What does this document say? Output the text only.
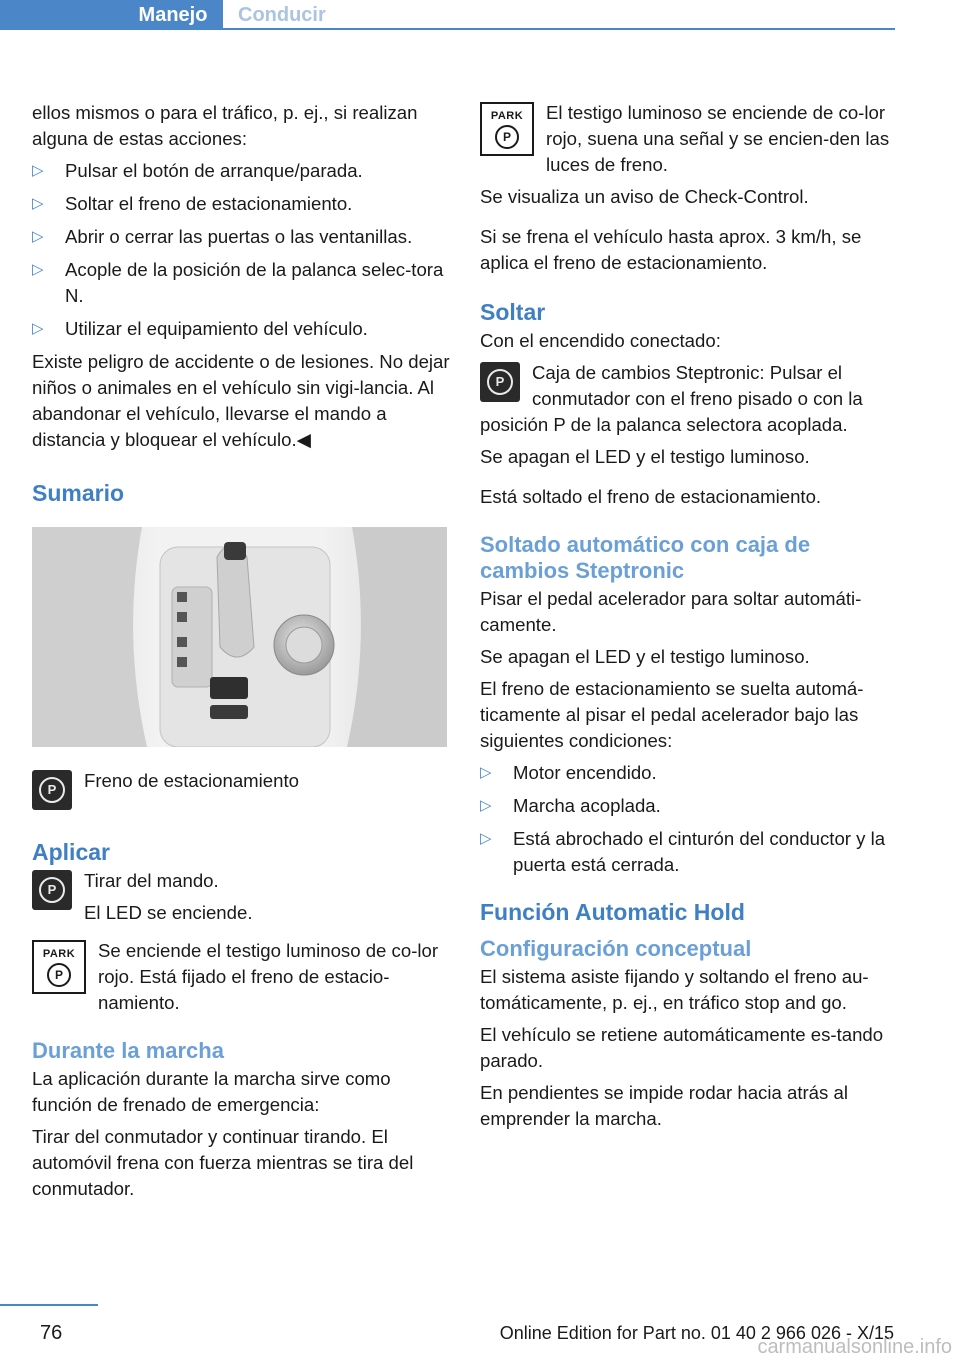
Manejo	Conducir

ellos mismos o para el tráfico, p. ej., si realizan alguna de estas acciones:

▷ Pulsar el botón de arranque/parada.
▷ Soltar el freno de estacionamiento.
▷ Abrir o cerrar las puertas o las ventanillas.
▷ Acople de la posición de la palanca selec‐tora N.
▷ Utilizar el equipamiento del vehículo.

Existe peligro de accidente o de lesiones. No dejar niños o animales en el vehículo sin vigi‐lancia. Al abandonar el vehículo, llevarse el mando a distancia y bloquear el vehículo.◀

Sumario
P	Freno de estacionamiento
Aplicar
P	Tirar del mando.

El LED se enciende.

PARK
P
Se enciende el testigo luminoso de co‐lor rojo. Está fijado el freno de estacio‐namiento.
Durante la marcha

La aplicación durante la marcha sirve como función de frenado de emergencia:

Tirar del conmutador y continuar tirando. El automóvil frena con fuerza mientras se tira del conmutador.

PARK
P
El testigo luminoso se enciende de co‐lor rojo, suena una señal y se encien‐den las luces de freno.

Se visualiza un aviso de Check-Control.

Si se frena el vehículo hasta aprox. 3 km/h, se aplica el freno de estacionamiento.

Soltar

Con el encendido conectado:

P	Caja de cambios Steptronic: Pulsar el conmutador con el freno pisado o con la posición P de la palanca selectora acoplada.

Se apagan el LED y el testigo luminoso.

Está soltado el freno de estacionamiento.

Soltado automático con caja de cambios Steptronic

Pisar el pedal acelerador para soltar automáti‐camente.

Se apagan el LED y el testigo luminoso.

El freno de estacionamiento se suelta automá‐ticamente al pisar el pedal acelerador bajo las siguientes condiciones:

▷ Motor encendido.
▷ Marcha acoplada.
▷ Está abrochado el cinturón del conductor y la puerta está cerrada.
Función Automatic Hold
Configuración conceptual

El sistema asiste fijando y soltando el freno au‐tomáticamente, p. ej., en tráfico stop and go.

El vehículo se retiene automáticamente es‐tando parado.

En pendientes se impide rodar hacia atrás al emprender la marcha.

76	Online Edition for Part no. 01 40 2 966 026 - X/15
carmanualsonline.info
